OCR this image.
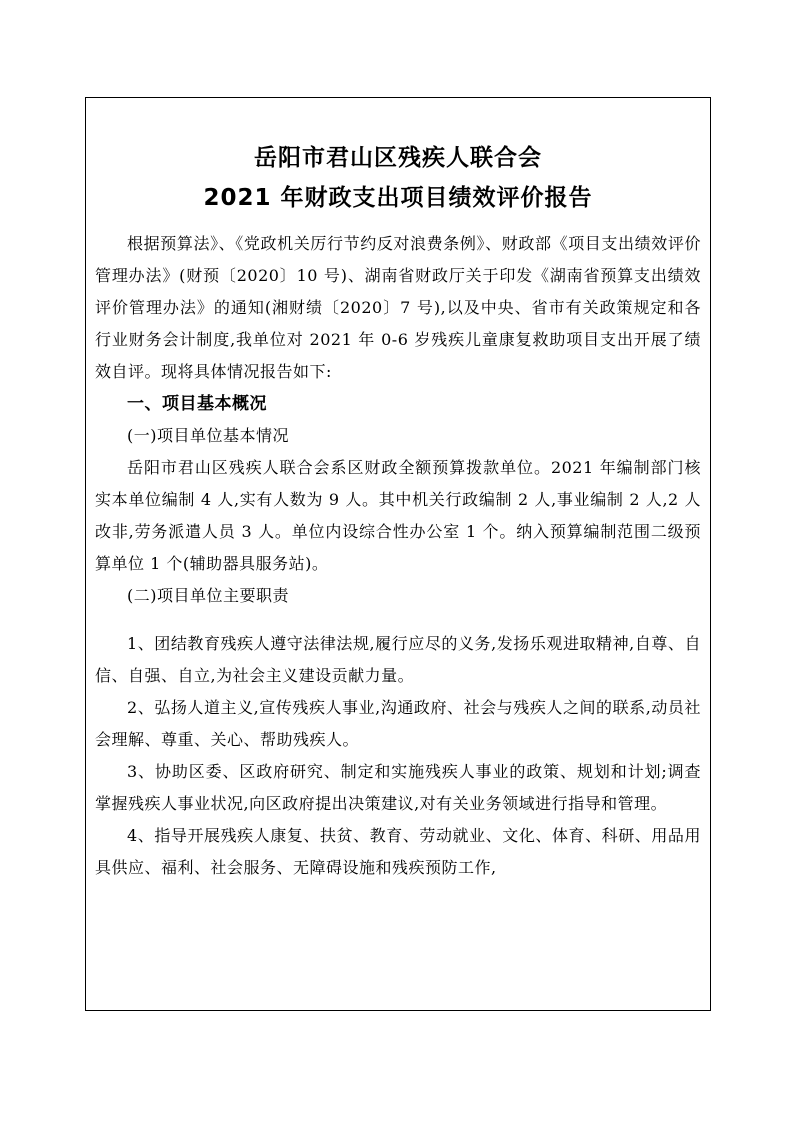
岳阳市君山区残疾人联合会
2021 年财政支出项目绩效评价报告

根据预算法》、《党政机关厉行节约反对浪费条例》、财政部《项目支出绩效评价管理办法》(财预〔2020〕10 号)、湖南省财政厅关于印发《湖南省预算支出绩效评价管理办法》的通知(湘财绩〔2020〕7 号),以及中央、省市有关政策规定和各行业财务会计制度,我单位对 2021 年 0-6 岁残疾儿童康复救助项目支出开展了绩效自评。现将具体情况报告如下:

一、项目基本概况

(一)项目单位基本情况

岳阳市君山区残疾人联合会系区财政全额预算拨款单位。2021 年编制部门核实本单位编制 4 人,实有人数为 9 人。其中机关行政编制 2 人,事业编制 2 人,2 人改非,劳务派遣人员 3 人。单位内设综合性办公室 1 个。纳入预算编制范围二级预算单位 1 个(辅助器具服务站)。

(二)项目单位主要职责

1、团结教育残疾人遵守法律法规,履行应尽的义务,发扬乐观进取精神,自尊、自信、自强、自立,为社会主义建设贡献力量。

2、弘扬人道主义,宣传残疾人事业,沟通政府、社会与残疾人之间的联系,动员社会理解、尊重、关心、帮助残疾人。

3、协助区委、区政府研究、制定和实施残疾人事业的政策、规划和计划;调查掌握残疾人事业状况,向区政府提出决策建议,对有关业务领域进行指导和管理。

4、指导开展残疾人康复、扶贫、教育、劳动就业、文化、体育、科研、用品用具供应、福利、社会服务、无障碍设施和残疾预防工作,
